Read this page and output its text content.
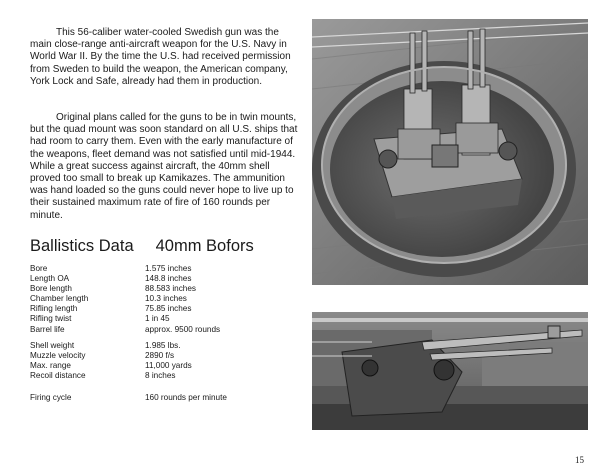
This 56-caliber water-cooled Swedish gun was the main close-range anti-aircraft weapon for the U.S. Navy in World War II. By the time the U.S. had received permission from Sweden to build the weapon, the American company, York Lock and Safe, already had them in production.

Original plans called for the guns to be in twin mounts, but the quad mount was soon standard on all U.S. ships that had room to carry them. Even with the early manufacture of the weapons, fleet demand was not satisfied until mid-1944. While a great success against aircraft, the 40mm shell proved too small to break up Kamikazes. The ammunition was hand loaded so the guns could never hope to live up to their sustained maximum rate of fire of 160 rounds per minute.

Ballistics Data 40mm Bofors
Bore	1.575 inches
Length OA	148.8 inches
Bore length	88.583 inches
Chamber length	10.3 inches
Rifling length	75.85 inches
Rifling twist	1 in 45
Barrel life	approx. 9500 rounds
Shell weight	1.985 lbs.
Muzzle velocity	2890 f/s
Max. range	11,000 yards
Recoil distance	8 inches
Firing cycle	160 rounds per minute
15
